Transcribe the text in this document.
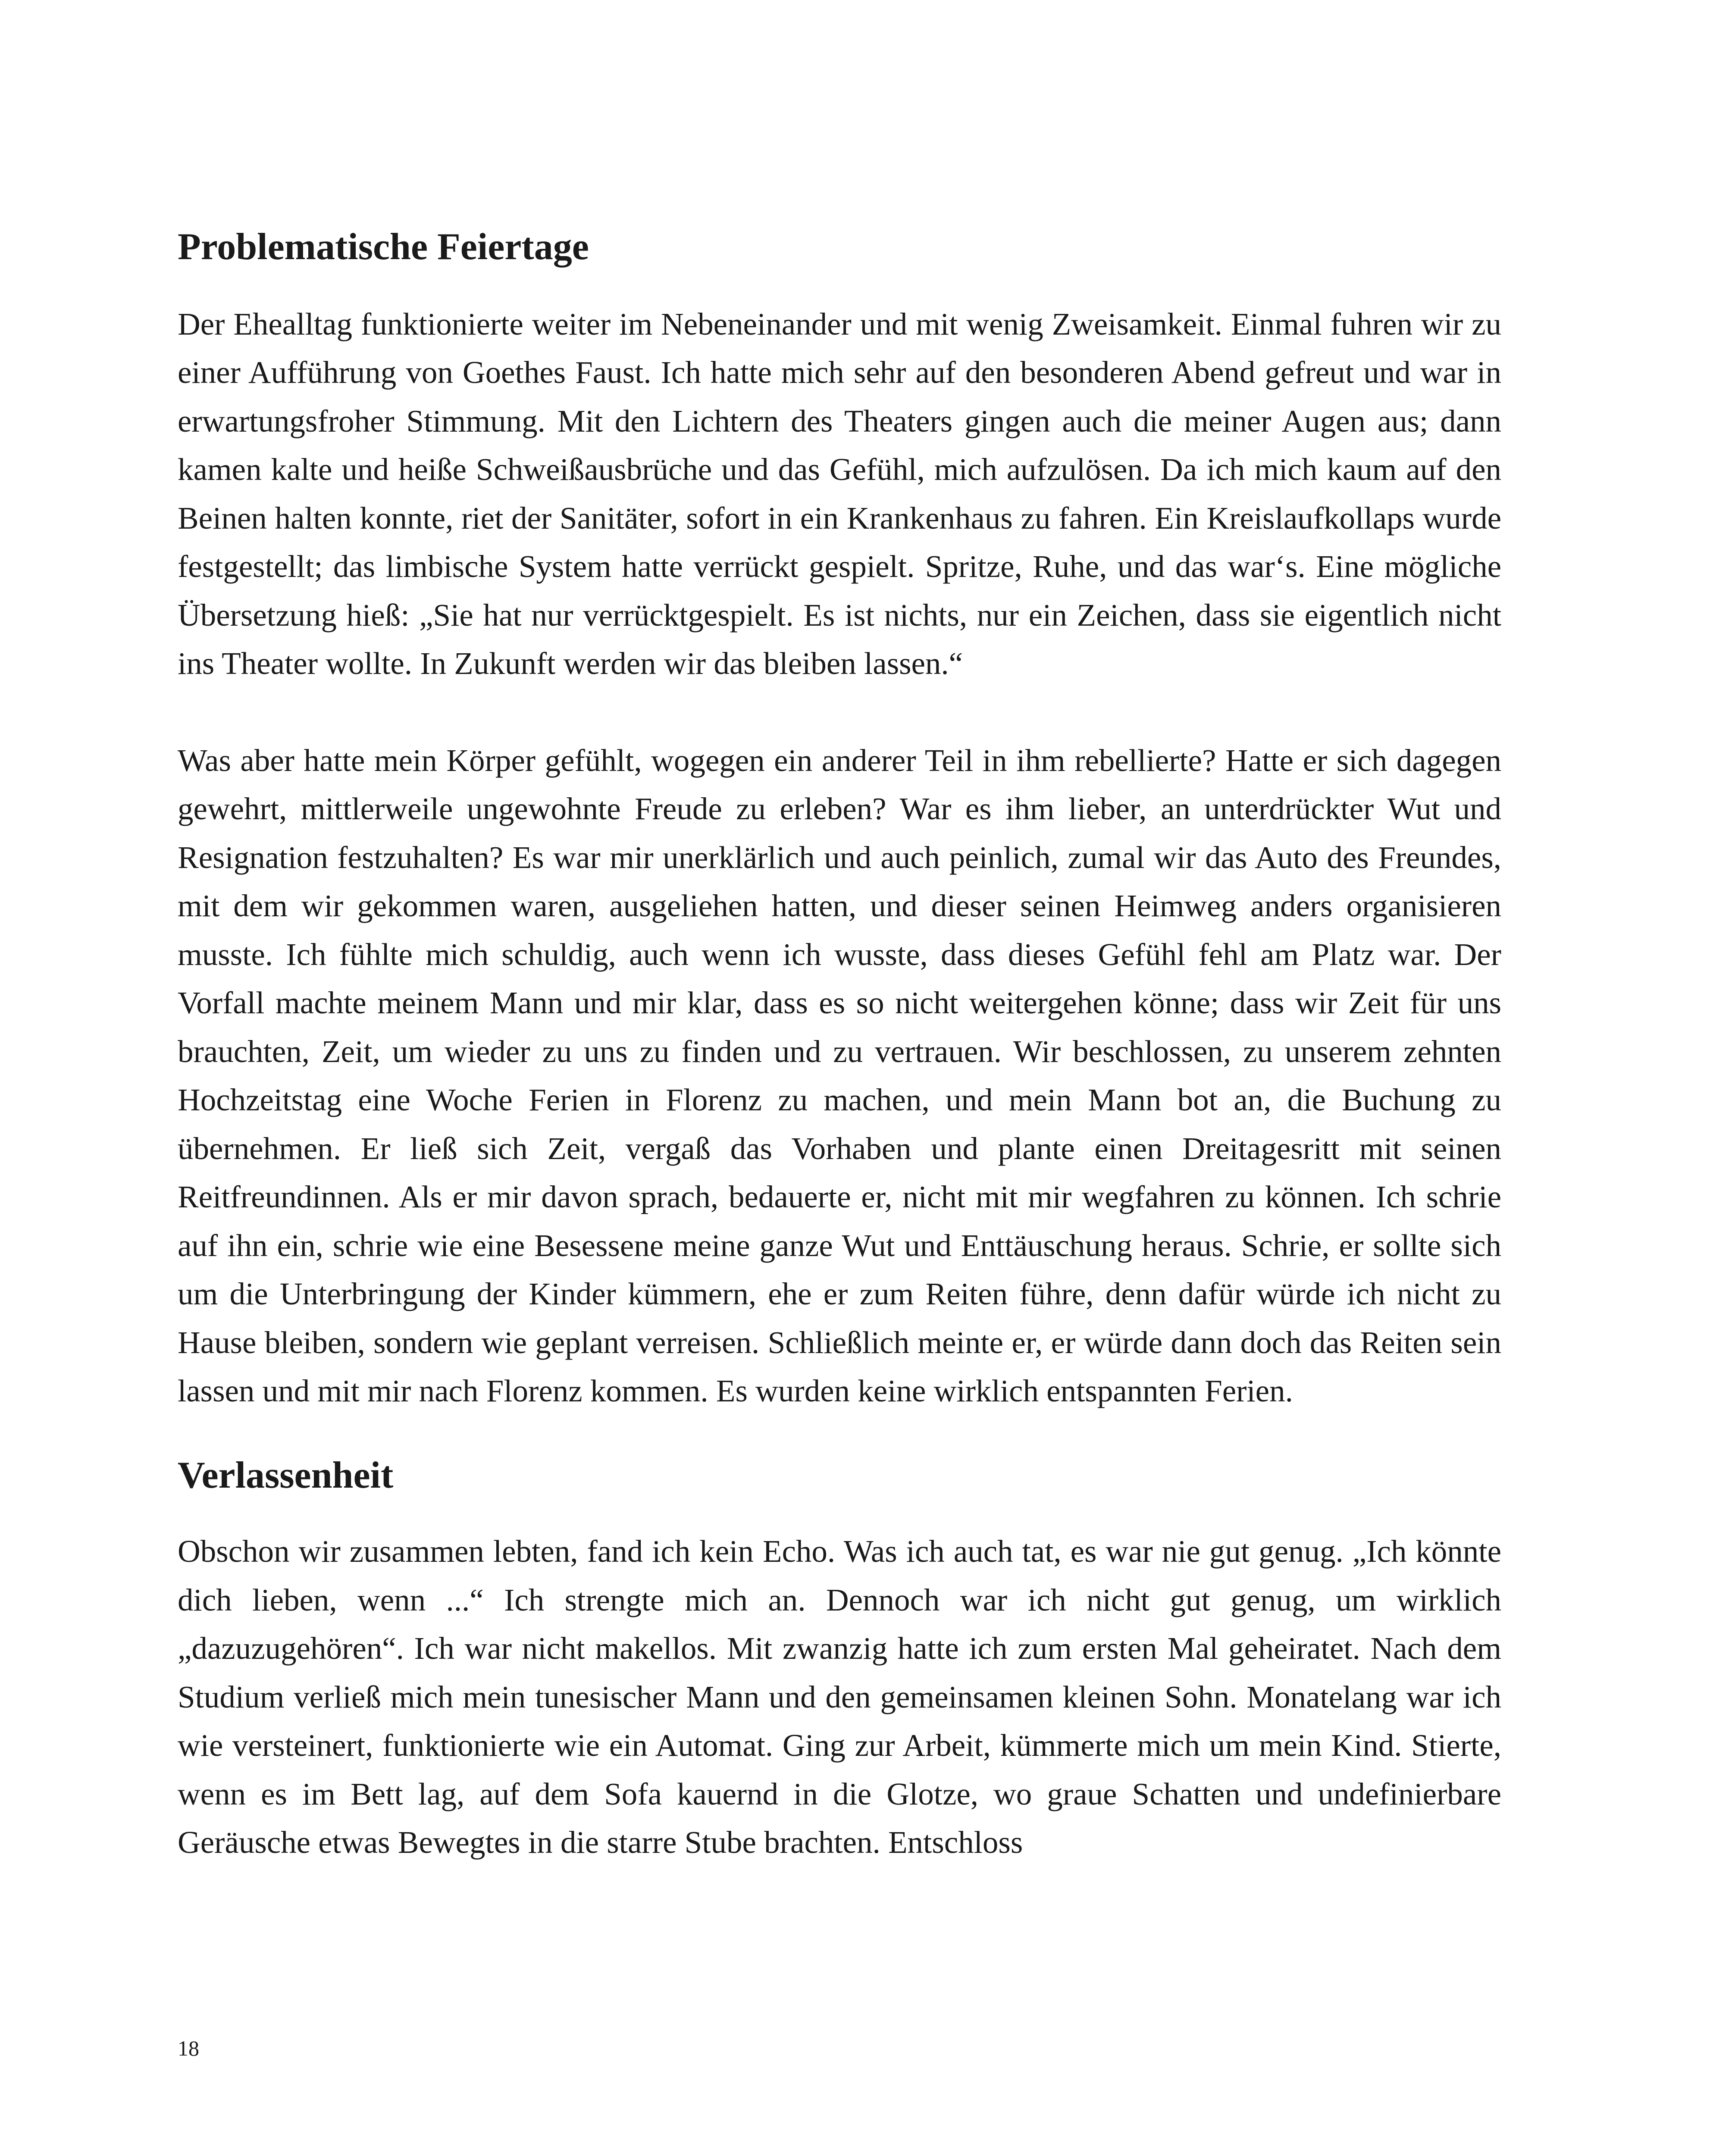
Problematische Feiertage

Der Ehealltag funktionierte weiter im Nebeneinander und mit wenig Zweisamkeit. Einmal fuhren wir zu einer Aufführung von Goethes Faust. Ich hatte mich sehr auf den besonderen Abend gefreut und war in erwartungsfroher Stimmung. Mit den Lichtern des Theaters gingen auch die meiner Augen aus; dann kamen kalte und heiße Schweißausbrüche und das Gefühl, mich aufzulösen. Da ich mich kaum auf den Beinen halten konnte, riet der Sanitäter, sofort in ein Krankenhaus zu fahren. Ein Kreislaufkollaps wurde festgestellt; das limbische System hatte verrückt gespielt. Spritze, Ruhe, und das war‘s. Eine mögliche Übersetzung hieß: „Sie hat nur verrücktgespielt. Es ist nichts, nur ein Zeichen, dass sie eigentlich nicht ins Theater wollte. In Zukunft werden wir das bleiben lassen.“

Was aber hatte mein Körper gefühlt, wogegen ein anderer Teil in ihm rebellierte? Hatte er sich dagegen gewehrt, mittlerweile ungewohnte Freude zu erleben? War es ihm lieber, an unterdrückter Wut und Resignation festzuhalten? Es war mir unerklärlich und auch peinlich, zumal wir das Auto des Freundes, mit dem wir gekommen waren, ausgeliehen hatten, und dieser seinen Heimweg anders organisieren musste. Ich fühlte mich schuldig, auch wenn ich wusste, dass dieses Gefühl fehl am Platz war. Der Vorfall machte meinem Mann und mir klar, dass es so nicht weitergehen könne; dass wir Zeit für uns brauchten, Zeit, um wieder zu uns zu finden und zu vertrauen. Wir beschlossen, zu unserem zehnten Hochzeitstag eine Woche Ferien in Florenz zu machen, und mein Mann bot an, die Buchung zu übernehmen. Er ließ sich Zeit, vergaß das Vorhaben und plante einen Dreitagesritt mit seinen Reitfreundinnen. Als er mir davon sprach, bedauerte er, nicht mit mir wegfahren zu können. Ich schrie auf ihn ein, schrie wie eine Besessene meine ganze Wut und Enttäuschung heraus. Schrie, er sollte sich um die Unterbringung der Kinder kümmern, ehe er zum Reiten führe, denn dafür würde ich nicht zu Hause bleiben, sondern wie geplant verreisen. Schließlich meinte er, er würde dann doch das Reiten sein lassen und mit mir nach Florenz kommen. Es wurden keine wirklich entspannten Ferien.

Verlassenheit

Obschon wir zusammen lebten, fand ich kein Echo. Was ich auch tat, es war nie gut genug. „Ich könnte dich lieben, wenn ...“ Ich strengte mich an. Dennoch war ich nicht gut genug, um wirklich „dazuzugehören“. Ich war nicht makellos. Mit zwanzig hatte ich zum ersten Mal geheiratet. Nach dem Studium verließ mich mein tunesischer Mann und den gemeinsamen kleinen Sohn. Monatelang war ich wie versteinert, funktionierte wie ein Automat. Ging zur Arbeit, kümmerte mich um mein Kind. Stierte, wenn es im Bett lag, auf dem Sofa kauernd in die Glotze, wo graue Schatten und undefinierbare Geräusche etwas Bewegtes in die starre Stube brachten. Entschloss

18
